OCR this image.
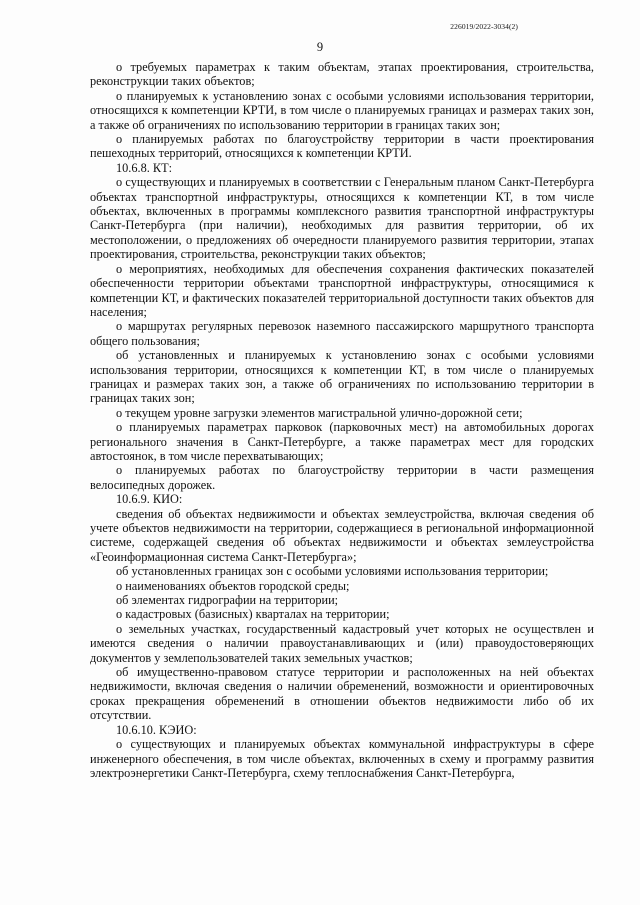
226019/2022-3034(2)
9

о требуемых параметрах к таким объектам, этапах проектирования, строительства, реконструкции таких объектов;

о планируемых к установлению зонах с особыми условиями использования территории, относящихся к компетенции КРТИ, в том числе о планируемых границах и размерах таких зон, а также об ограничениях по использованию территории в границах таких зон;

о планируемых работах по благоустройству территории в части проектирования пешеходных территорий, относящихся к компетенции КРТИ.

10.6.8. КТ:

о существующих и планируемых в соответствии с Генеральным планом Санкт-Петербурга объектах транспортной инфраструктуры, относящихся к компетенции КТ, в том числе объектах, включенных в программы комплексного развития транспортной инфраструктуры Санкт-Петербурга (при наличии), необходимых для развития территории, об их местоположении, о предложениях об очередности планируемого развития территории, этапах проектирования, строительства, реконструкции таких объектов;

о мероприятиях, необходимых для обеспечения сохранения фактических показателей обеспеченности территории объектами транспортной инфраструктуры, относящимися к компетенции КТ, и фактических показателей территориальной доступности таких объектов для населения;

о маршрутах регулярных перевозок наземного пассажирского маршрутного транспорта общего пользования;

об установленных и планируемых к установлению зонах с особыми условиями использования территории, относящихся к компетенции КТ, в том числе о планируемых границах и размерах таких зон, а также об ограничениях по использованию территории в границах таких зон;

о текущем уровне загрузки элементов магистральной улично-дорожной сети;

о планируемых параметрах парковок (парковочных мест) на автомобильных дорогах регионального значения в Санкт-Петербурге, а также параметрах мест для городских автостоянок, в том числе перехватывающих;

о планируемых работах по благоустройству территории в части размещения велосипедных дорожек.

10.6.9. КИО:

сведения об объектах недвижимости и объектах землеустройства, включая сведения об учете объектов недвижимости на территории, содержащиеся в региональной информационной системе, содержащей сведения об объектах недвижимости и объектах землеустройства «Геоинформационная система Санкт-Петербурга»;

об установленных границах зон с особыми условиями использования территории;

о наименованиях объектов городской среды;

об элементах гидрографии на территории;

о кадастровых (базисных) кварталах на территории;

о земельных участках, государственный кадастровый учет которых не осуществлен и имеются сведения о наличии правоустанавливающих и (или) правоудостоверяющих документов у землепользователей таких земельных участков;

об имущественно-правовом статусе территории и расположенных на ней объектах недвижимости, включая сведения о наличии обременений, возможности и ориентировочных сроках прекращения обременений в отношении объектов недвижимости либо об их отсутствии.

10.6.10. КЭИО:

о существующих и планируемых объектах коммунальной инфраструктуры в сфере инженерного обеспечения, в том числе объектах, включенных в схему и программу развития электроэнергетики Санкт-Петербурга, схему теплоснабжения Санкт-Петербурга,
